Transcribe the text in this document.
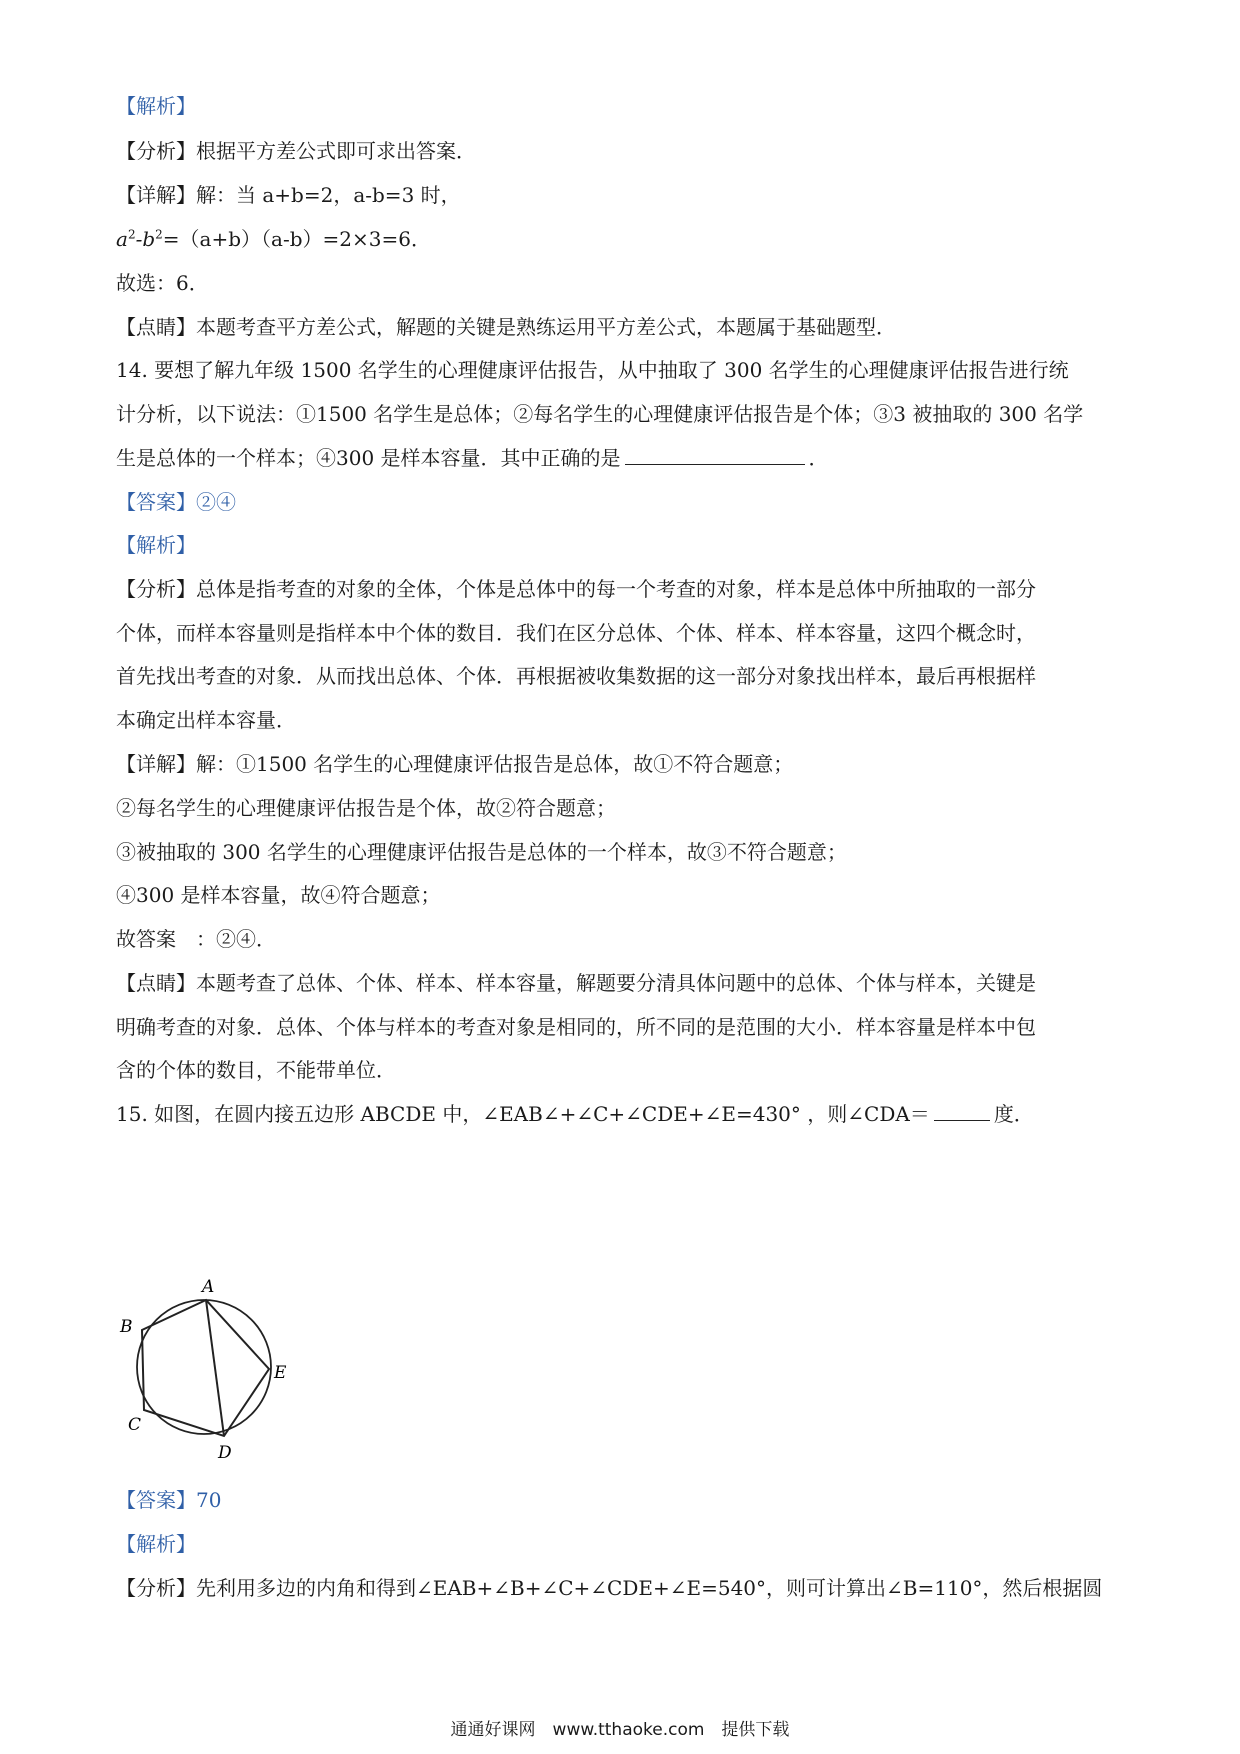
【解析】
【分析】根据平方差公式即可求出答案．
【详解】解：当 a+b=2，a-b=3 时，
$a^2-b^2=(a+b)(a-b)=2\times 3=6$．
故选：6．
【点睛】本题考查平方差公式，解题的关键是熟练运用平方差公式，本题属于基础题型．
14. 要想了解九年级 1500 名学生的心理健康评估报告，从中抽取了 300 名学生的心理健康评估报告进行统
计分析，以下说法：①1500 名学生是总体；②每名学生的心理健康评估报告是个体；③3 被抽取的 300 名学
生是总体的一个样本；④300 是样本容量．其中正确的是	．
【答案】②④
【解析】
【分析】总体是指考查的对象的全体，个体是总体中的每一个考查的对象，样本是总体中所抽取的一部分
个体，而样本容量则是指样本中个体的数目．我们在区分总体、个体、样本、样本容量，这四个概念时，
首先找出考查的对象．从而找出总体、个体．再根据被收集数据的这一部分对象找出样本，最后再根据样
本确定出样本容量．
【详解】解：①1500 名学生的心理健康评估报告是总体，故①不符合题意；
②每名学生的心理健康评估报告是个体，故②符合题意；
③被抽取的 300 名学生的心理健康评估报告是总体的一个样本，故③不符合题意；
④300 是样本容量，故④符合题意；
故答案　：②④．
【点睛】本题考查了总体、个体、样本、样本容量，解题要分清具体问题中的总体、个体与样本，关键是
明确考查的对象．总体、个体与样本的考查对象是相同的，所不同的是范围的大小．样本容量是样本中包
含的个体的数目，不能带单位．
15. 如图，在圆内接五边形 ABCDE 中，∠EAB∠+∠C+∠CDE+∠E=430° ，则∠CDA＝	度．
A
B
C
D
E
【答案】70
【解析】
【分析】先利用多边的内角和得到∠EAB+∠B+∠C+∠CDE+∠E=540°，则可计算出∠B=110°，然后根据圆
通通好课网　www.tthaoke.com　提供下载
